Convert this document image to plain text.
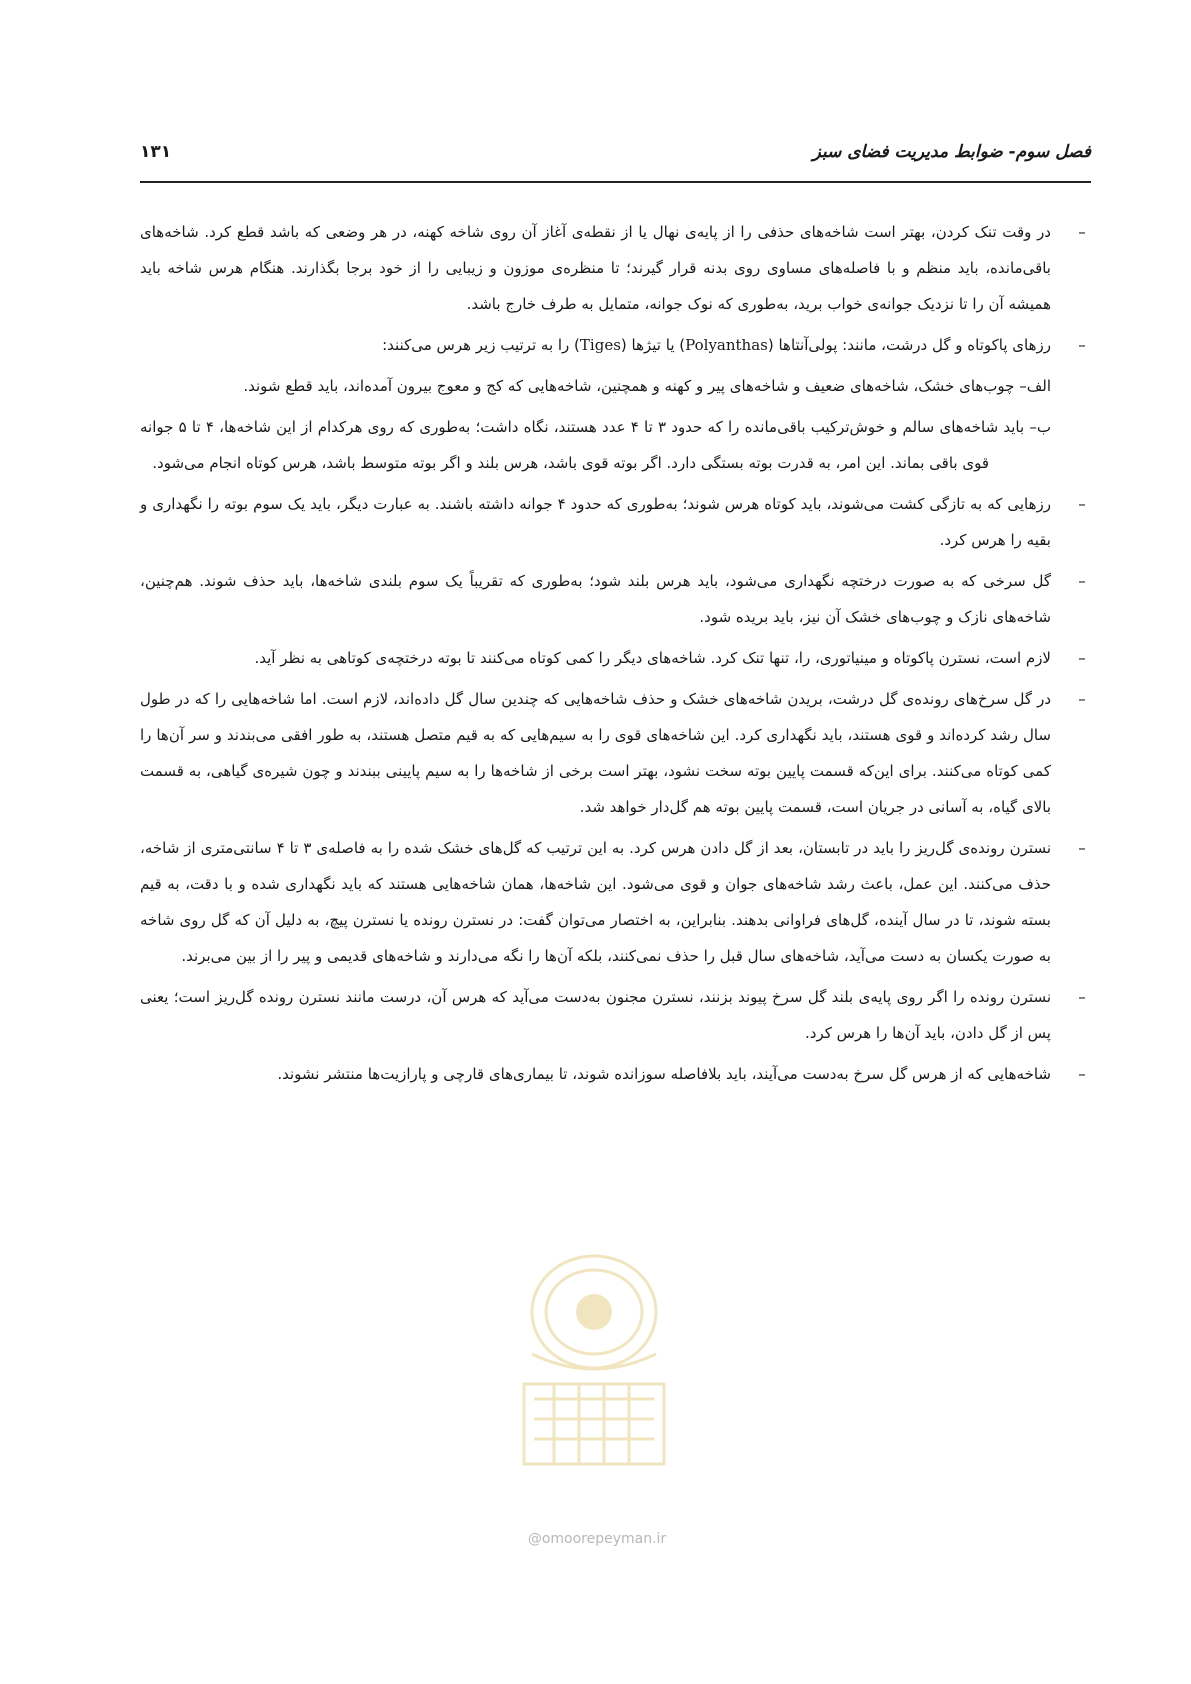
فصل سوم- ضوابط مدیریت فضای سبز
۱۳۱
–
در وقت تنک کردن، بهتر است شاخه‌های حذفی را از پایه‌ی نهال یا از نقطه‌ی آغاز آن روی شاخه کهنه، در هر وضعی که باشد قطع کرد. شاخه‌های باقی‌مانده، باید منظم و با فاصله‌های مساوی روی بدنه قرار گیرند؛ تا منظره‌ی موزون و زیبایی را از خود برجا بگذارند. هنگام هرس شاخه باید همیشه آن را تا نزدیک جوانه‌ی خواب برید، به‌طوری که نوک جوانه، متمایل به طرف خارج باشد.
–
رزهای پاکوتاه و گل درشت، مانند: پولی‌آنتاها (Polyanthas) یا تیژها (Tiges) را به ترتیب زیر هرس می‌کنند:
الف– چوب‌های خشک، شاخه‌های ضعیف و شاخه‌های پیر و کهنه و همچنین، شاخه‌هایی که کج و معوج بیرون آمده‌اند، باید قطع شوند.
ب– باید شاخه‌های سالم و خوش‌ترکیب باقی‌مانده را که حدود ۳ تا ۴ عدد هستند، نگاه داشت؛ به‌طوری که روی هرکدام از این شاخه‌ها، ۴ تا ۵ جوانه قوی باقی بماند. این امر، به قدرت بوته بستگی دارد. اگر بوته قوی باشد، هرس بلند و اگر بوته متوسط باشد، هرس کوتاه انجام می‌شود.
–
رزهایی که به تازگی کشت می‌شوند، باید کوتاه هرس شوند؛ به‌طوری که حدود ۴ جوانه داشته باشند. به عبارت دیگر، باید یک سوم بوته را نگهداری و بقیه را هرس کرد.
–
گل سرخی که به صورت درختچه نگهداری می‌شود، باید هرس بلند شود؛ به‌طوری که تقریباً یک سوم بلندی شاخه‌ها، باید حذف شوند. هم‌چنین، شاخه‌های نازک و چوب‌های خشک آن نیز، باید بریده شود.
–
لازم است، نسترن پاکوتاه و مینیاتوری، را، تنها تنک کرد. شاخه‌های دیگر را کمی کوتاه می‌کنند تا بوته درختچه‌ی کوتاهی به نظر آید.
–
در گل سرخ‌های رونده‌ی گل درشت، بریدن شاخه‌های خشک و حذف شاخه‌هایی که چندین سال گل داده‌اند، لازم است. اما شاخه‌هایی را که در طول سال رشد کرده‌اند و قوی هستند، باید نگهداری کرد. این شاخه‌های قوی را به سیم‌هایی که به قیم متصل هستند، به طور افقی می‌بندند و سر آن‌ها را کمی کوتاه می‌کنند. برای این‌که قسمت پایین بوته سخت نشود، بهتر است برخی از شاخه‌ها را به سیم پایینی ببندند و چون شیره‌ی گیاهی، به قسمت بالای گیاه، به آسانی در جریان است، قسمت پایین بوته هم گل‌دار خواهد شد.
–
نسترن رونده‌ی گل‌ریز را باید در تابستان، بعد از گل دادن هرس کرد. به این ترتیب که گل‌های خشک شده را به فاصله‌ی ۳ تا ۴ سانتی‌متری از شاخه، حذف می‌کنند. این عمل، باعث رشد شاخه‌های جوان و قوی می‌شود. این شاخه‌ها، همان شاخه‌هایی هستند که باید نگهداری شده و با دقت، به قیم بسته شوند، تا در سال آینده، گل‌های فراوانی بدهند. بنابراین، به اختصار می‌توان گفت: در نسترن رونده یا نسترن پیچ، به دلیل آن که گل روی شاخه به صورت یکسان به دست می‌آید، شاخه‌های سال قبل را حذف نمی‌کنند، بلکه آن‌ها را نگه می‌دارند و شاخه‌های قدیمی و پیر را از بین می‌برند.
–
نسترن رونده را اگر روی پایه‌ی بلند گل سرخ پیوند بزنند، نسترن مجنون به‌دست می‌آید که هرس آن، درست مانند نسترن رونده گل‌ریز است؛ یعنی پس از گل دادن، باید آن‌ها را هرس کرد.
–
شاخه‌هایی که از هرس گل سرخ به‌دست می‌آیند، باید بلافاصله سوزانده شوند، تا بیماری‌های قارچی و پارازیت‌ها منتشر نشوند.
@omoorepeyman.ir
